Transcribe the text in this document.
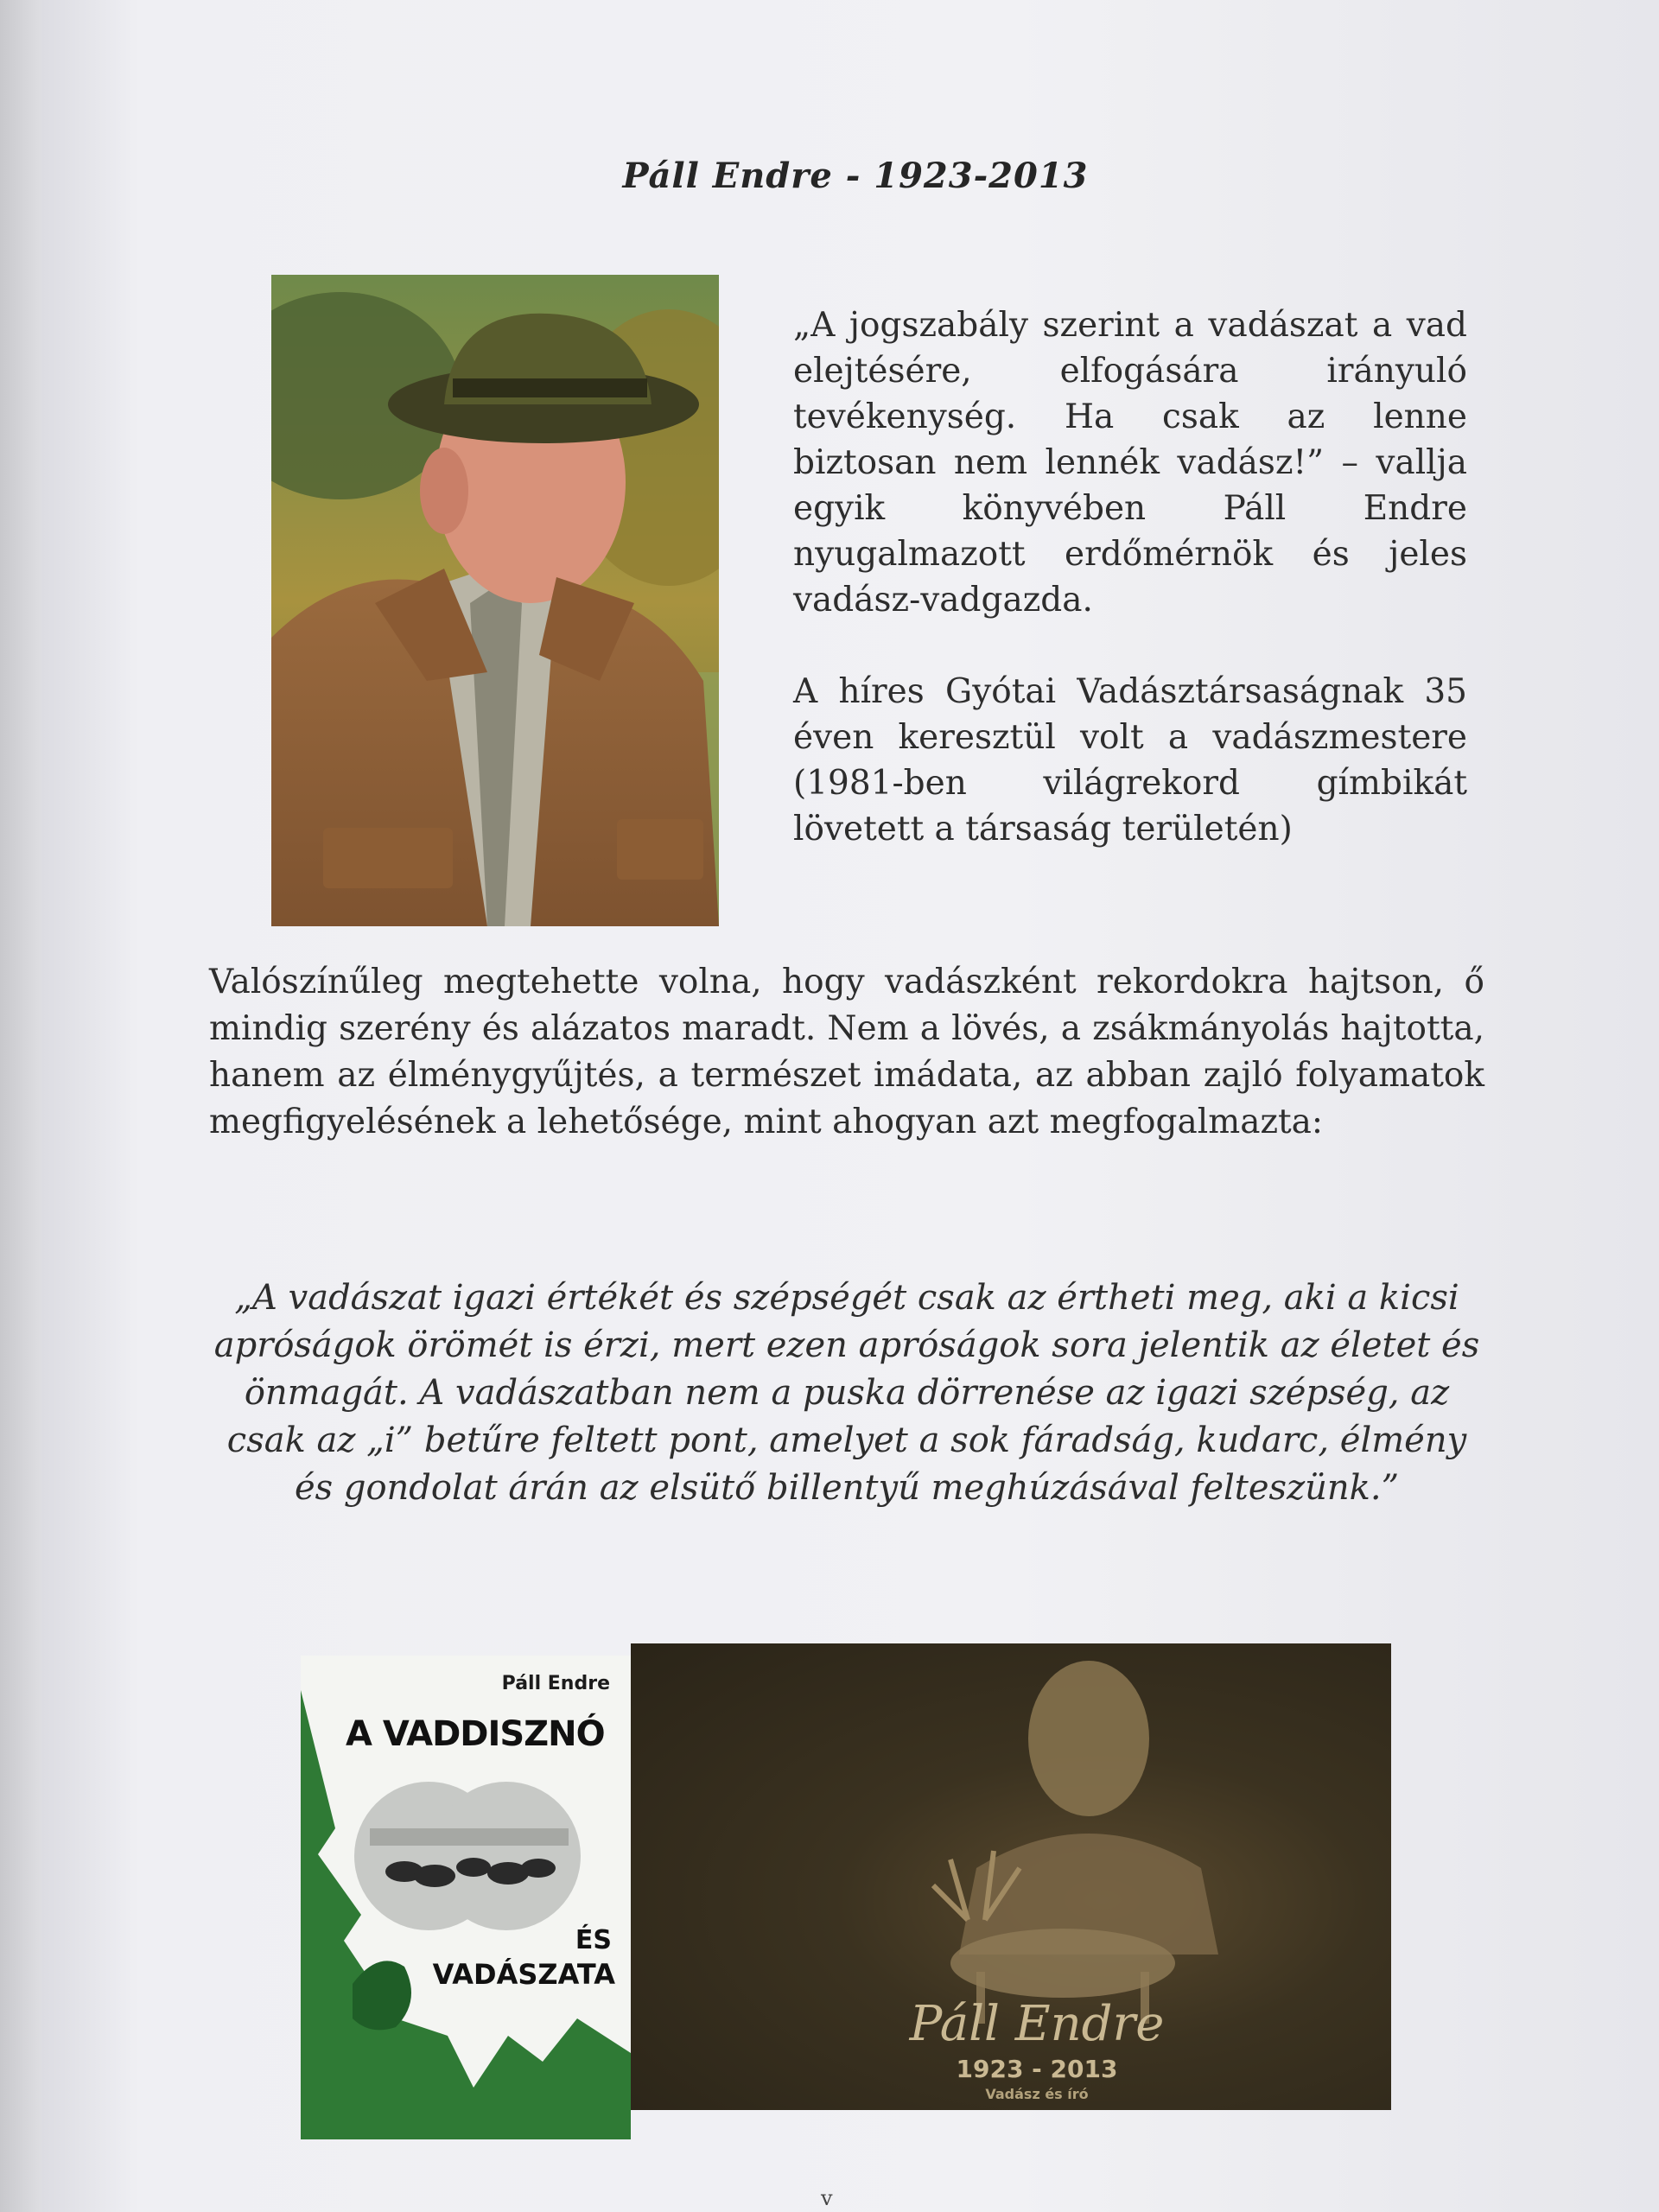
Páll Endre - 1923-2013

„A jogszabály szerint a vadászat a vad elejtésére, elfogására irányuló tevékenység. Ha csak az lenne biztosan nem lennék vadász!” – vallja egyik könyvében Páll Endre nyugalmazott erdőmérnök és jeles vadász-vadgazda.

A híres Gyótai Vadásztársaságnak 35 éven keresztül volt a vadászmestere (1981-ben világrekord gímbikát lövetett a társaság területén)

Valószínűleg megtehette volna, hogy vadászként rekordokra hajtson, ő mindig szerény és alázatos maradt. Nem a lövés, a zsákmányolás hajtotta, hanem az élménygyűjtés, a természet imádata, az abban zajló folyamatok megfigyelésének a lehetősége, mint ahogyan azt megfogalmazta:
„A vadászat igazi értékét és szépségét csak az értheti meg, aki a kicsi apróságok örömét is érzi, mert ezen apróságok sora jelentik az életet és önmagát. A vadászatban nem a puska dörrenése az igazi szépség, az csak az „i” betűre feltett pont, amelyet a sok fáradság, kudarc, élmény és gondolat árán az elsütő billentyű meghúzásával felteszünk.”
Páll Endre
A VADDISZNÓ
ÉS
VADÁSZATA
Páll Endre
1923 - 2013
Vadász és író
v
